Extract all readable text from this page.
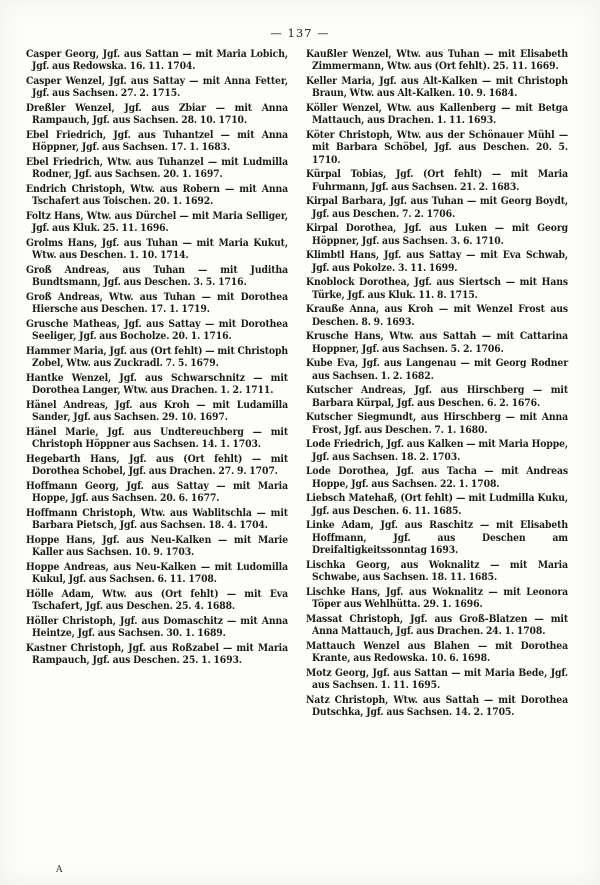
— 137 —

Casper Georg, Jgf. aus Sattan — mit Maria Lobich, Jgf. aus Redowska. 16. 11. 1704.

Casper Wenzel, Jgf. aus Sattay — mit Anna Fetter, Jgf. aus Sachsen. 27. 2. 1715.

Dreßler Wenzel, Jgf. aus Zbiar — mit Anna Rampauch, Jgf. aus Sachsen. 28. 10. 1710.

Ebel Friedrich, Jgf. aus Tuhantzel — mit Anna Höppner, Jgf. aus Sachsen. 17. 1. 1683.

Ebel Friedrich, Wtw. aus Tuhanzel — mit Ludmilla Rodner, Jgf. aus Sachsen. 20. 1. 1697.

Endrich Christoph, Wtw. aus Robern — mit Anna Tschafert aus Toischen. 20. 1. 1692.

Foltz Hans, Wtw. aus Dürchel — mit Maria Selliger, Jgf. aus Kluk. 25. 11. 1696.

Grolms Hans, Jgf. aus Tuhan — mit Maria Kukut, Wtw. aus Deschen. 1. 10. 1714.

Groß Andreas, aus Tuhan — mit Juditha Bundtsmann, Jgf. aus Deschen. 3. 5. 1716.

Groß Andreas, Wtw. aus Tuhan — mit Dorothea Hiersche aus Deschen. 17. 1. 1719.

Grusche Matheas, Jgf. aus Sattay — mit Dorothea Seeliger, Jgf. aus Bocholze. 20. 1. 1716.

Hammer Maria, Jgf. aus (Ort fehlt) — mit Christoph Zobel, Wtw. aus Zuckradl. 7. 5. 1679.

Hantke Wenzel, Jgf. aus Schwarschnitz — mit Dorothea Langer, Wtw. aus Drachen. 1. 2. 1711.

Hänel Andreas, Jgf. aus Kroh — mit Ludamilla Sander, Jgf. aus Sachsen. 29. 10. 1697.

Hänel Marie, Jgf. aus Undtereuchberg — mit Christoph Höppner aus Sachsen. 14. 1. 1703.

Hegebarth Hans, Jgf. aus (Ort fehlt) — mit Dorothea Schobel, Jgf. aus Drachen. 27. 9. 1707.

Hoffmann Georg, Jgf. aus Sattay — mit Maria Hoppe, Jgf. aus Sachsen. 20. 6. 1677.

Hoffmann Christoph, Wtw. aus Wablitschla — mit Barbara Pietsch, Jgf. aus Sachsen. 18. 4. 1704.

Hoppe Hans, Jgf. aus Neu-Kalken — mit Marie Kaller aus Sachsen. 10. 9. 1703.

Hoppe Andreas, aus Neu-Kalken — mit Ludomilla Kukul, Jgf. aus Sachsen. 6. 11. 1708.

Hölle Adam, Wtw. aus (Ort fehlt) — mit Eva Tschafert, Jgf. aus Deschen. 25. 4. 1688.

Höller Christoph, Jgf. aus Domaschitz — mit Anna Heintze, Jgf. aus Sachsen. 30. 1. 1689.

Kastner Christoph, Jgf. aus Roßzabel — mit Maria Rampauch, Jgf. aus Deschen. 25. 1. 1693.

Kaußler Wenzel, Wtw. aus Tuhan — mit Elisabeth Zimmermann, Wtw. aus (Ort fehlt). 25. 11. 1669.

Keller Maria, Jgf. aus Alt-Kalken — mit Christoph Braun, Wtw. aus Alt-Kalken. 10. 9. 1684.

Köller Wenzel, Wtw. aus Kallenberg — mit Betga Mattauch, aus Drachen. 1. 11. 1693.

Köter Christoph, Wtw. aus der Schönauer Mühl — mit Barbara Schöbel, Jgf. aus Deschen. 20. 5. 1710.

Kürpal Tobias, Jgf. (Ort fehlt) — mit Maria Fuhrmann, Jgf. aus Sachsen. 21. 2. 1683.

Kirpal Barbara, Jgf. aus Tuhan — mit Georg Boydt, Jgf. aus Deschen. 7. 2. 1706.

Kirpal Dorothea, Jgf. aus Luken — mit Georg Höppner, Jgf. aus Sachsen. 3. 6. 1710.

Klimbtl Hans, Jgf. aus Sattay — mit Eva Schwab, Jgf. aus Pokolze. 3. 11. 1699.

Knoblock Dorothea, Jgf. aus Siertsch — mit Hans Türke, Jgf. aus Kluk. 11. 8. 1715.

Krauße Anna, aus Kroh — mit Wenzel Frost aus Deschen. 8. 9. 1693.

Krusche Hans, Wtw. aus Sattah — mit Cattarina Hoppner, Jgf. aus Sachsen. 5. 2. 1706.

Kube Eva, Jgf. aus Langenau — mit Georg Rodner aus Sachsen. 1. 2. 1682.

Kutscher Andreas, Jgf. aus Hirschberg — mit Barbara Kürpal, Jgf. aus Deschen. 6. 2. 1676.

Kutscher Siegmundt, aus Hirschberg — mit Anna Frost, Jgf. aus Deschen. 7. 1. 1680.

Lode Friedrich, Jgf. aus Kalken — mit Maria Hoppe, Jgf. aus Sachsen. 18. 2. 1703.

Lode Dorothea, Jgf. aus Tacha — mit Andreas Hoppe, Jgf. aus Sachsen. 22. 1. 1708.

Liebsch Matehaß, (Ort fehlt) — mit Ludmilla Kuku, Jgf. aus Deschen. 6. 11. 1685.

Linke Adam, Jgf. aus Raschitz — mit Elisabeth Hoffmann, Jgf. aus Deschen am Dreifaltigkeitssonntag 1693.

Lischka Georg, aus Woknalitz — mit Maria Schwabe, aus Sachsen. 18. 11. 1685.

Lischke Hans, Jgf. aus Woknalitz — mit Leonora Töper aus Wehlhütta. 29. 1. 1696.

Massat Christoph, Jgf. aus Groß-Blatzen — mit Anna Mattauch, Jgf. aus Drachen. 24. 1. 1708.

Mattauch Wenzel aus Blahen — mit Dorothea Krante, aus Redowska. 10. 6. 1698.

Motz Georg, Jgf. aus Sattan — mit Maria Bede, Jgf. aus Sachsen. 1. 11. 1695.

Natz Christoph, Wtw. aus Sattah — mit Dorothea Dutschka, Jgf. aus Sachsen. 14. 2. 1705.

A
